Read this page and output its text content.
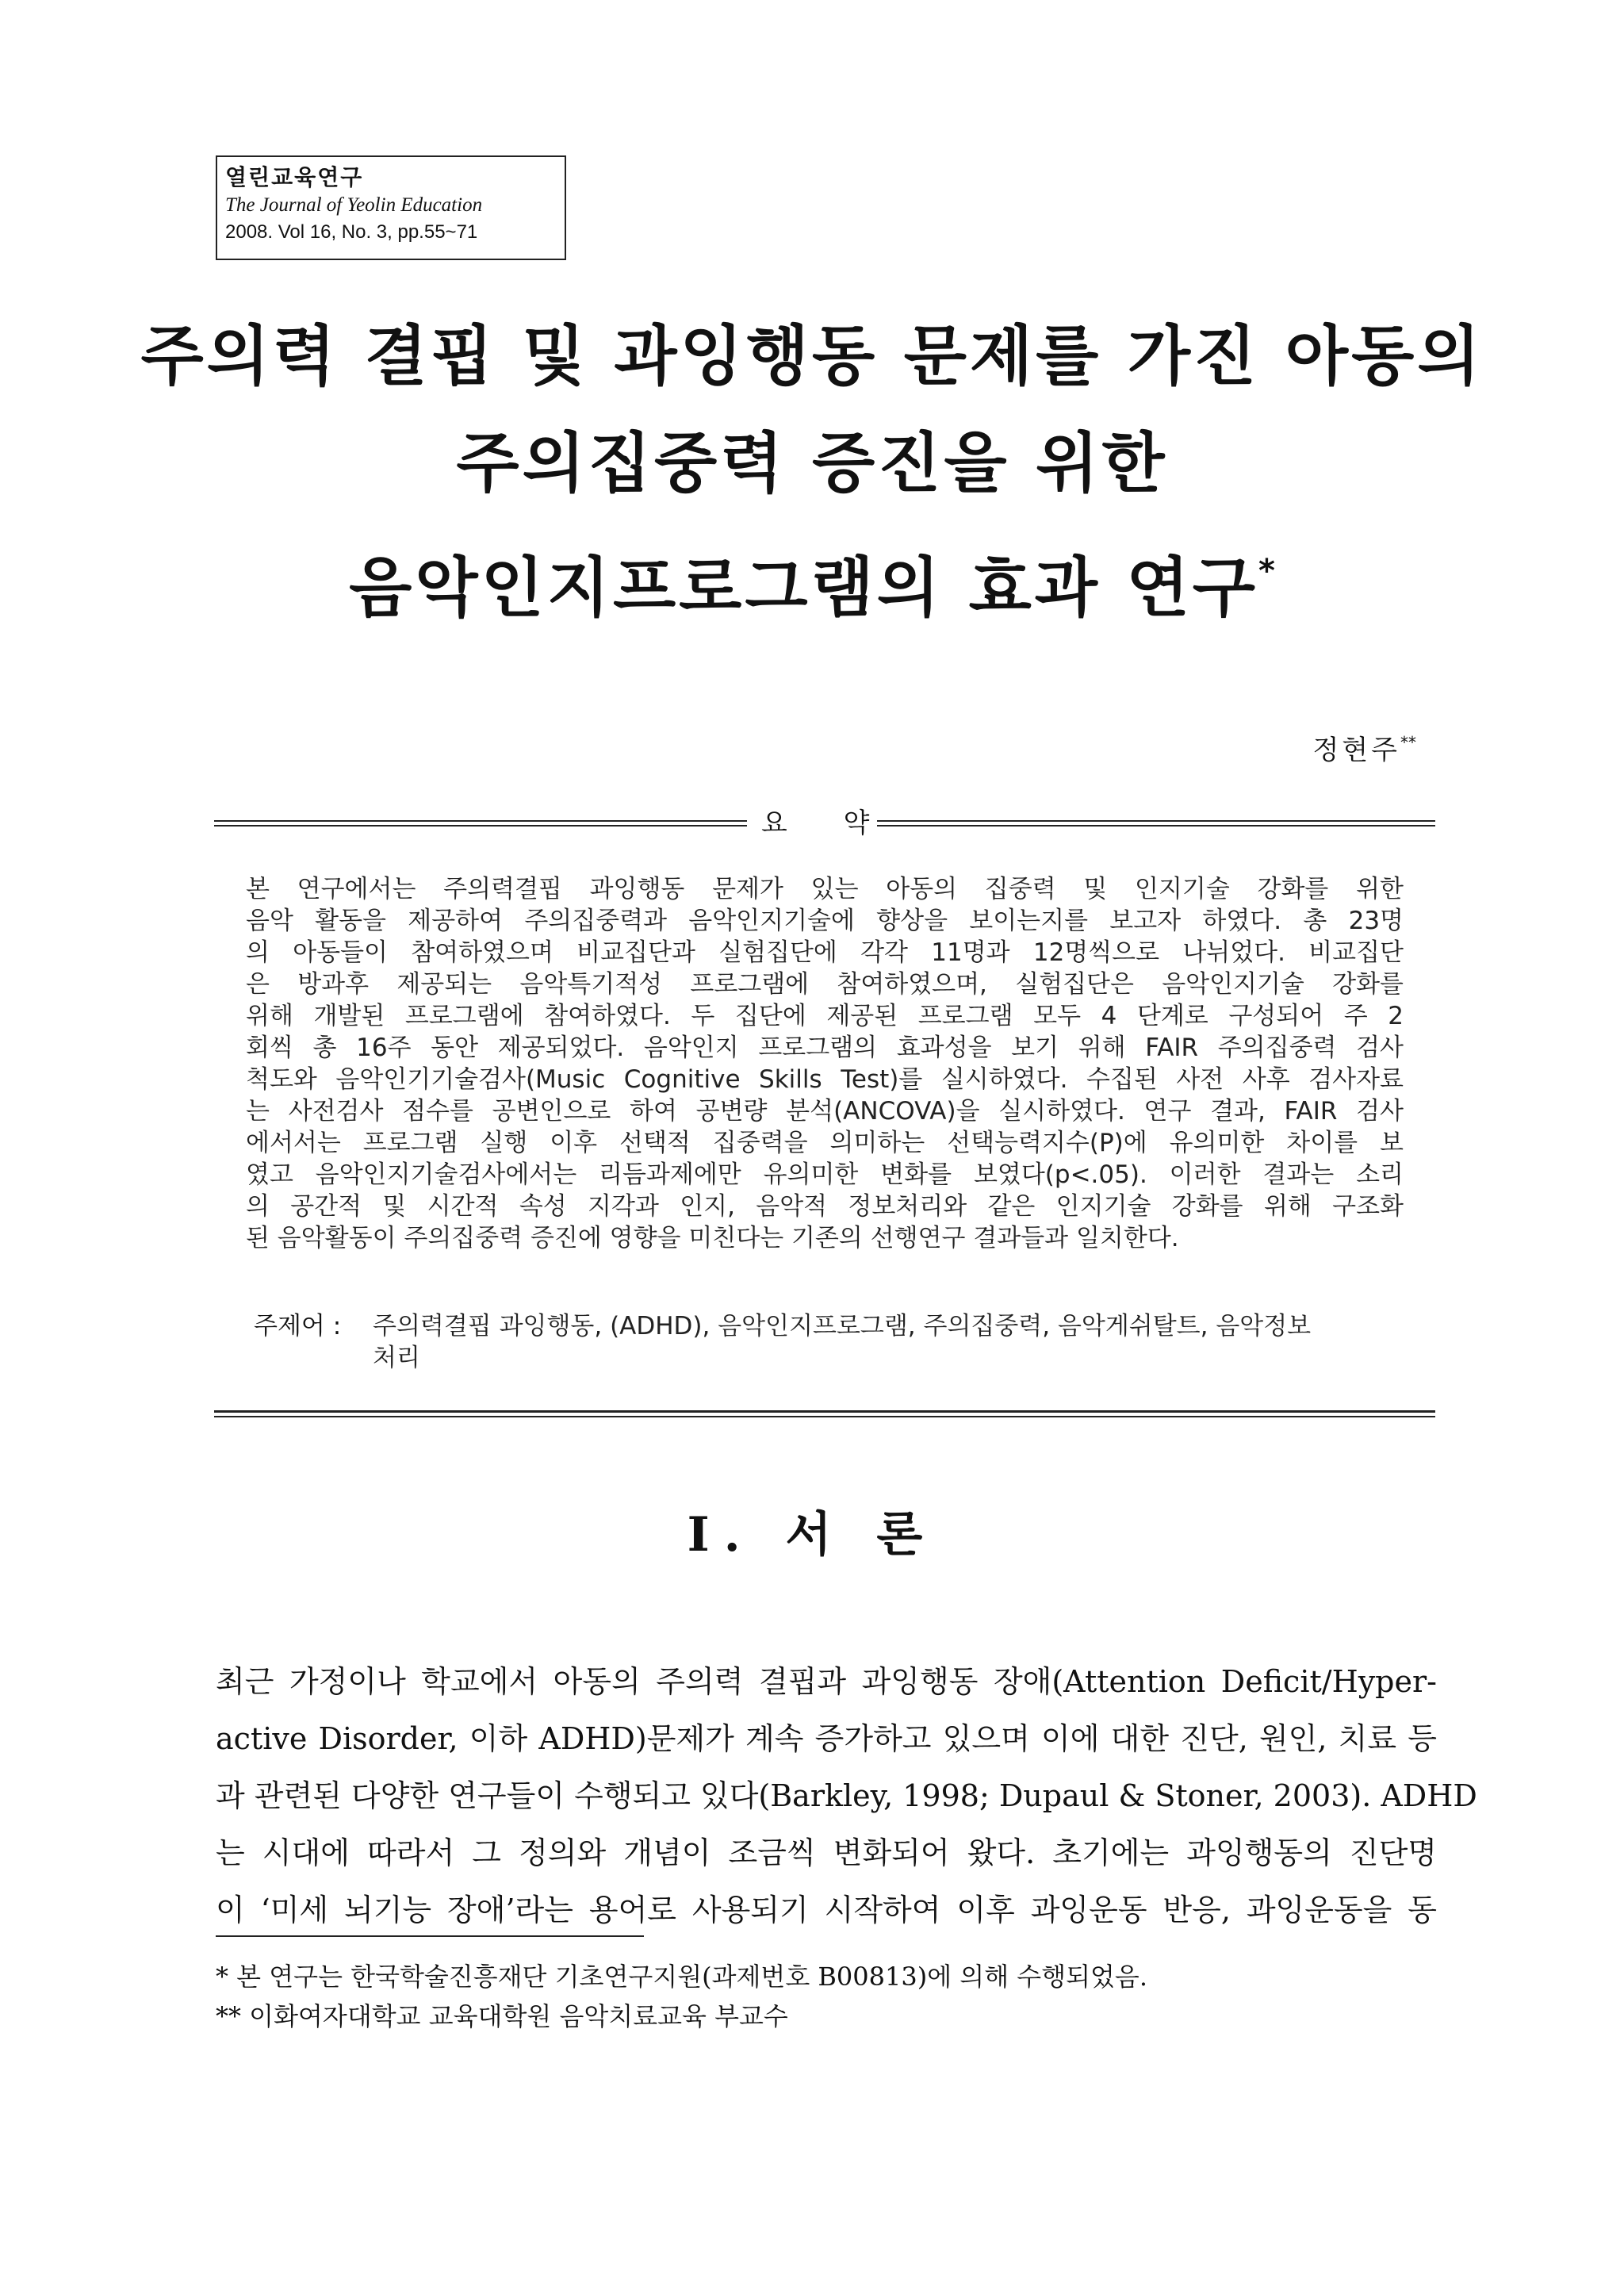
열린교육연구
The Journal of Yeolin Education
2008. Vol 16, No. 3, pp.55~71
주의력 결핍 및 과잉행동 문제를 가진 아동의
주의집중력 증진을 위한
음악인지프로그램의 효과 연구*
정현주**
요 약
본 연구에서는 주의력결핍 과잉행동 문제가 있는 아동의 집중력 및 인지기술 강화를 위한
음악 활동을 제공하여 주의집중력과 음악인지기술에 향상을 보이는지를 보고자 하였다. 총 23명
의 아동들이 참여하였으며 비교집단과 실험집단에 각각 11명과 12명씩으로 나뉘었다. 비교집단
은 방과후 제공되는 음악특기적성 프로그램에 참여하였으며, 실험집단은 음악인지기술 강화를
위해 개발된 프로그램에 참여하였다. 두 집단에 제공된 프로그램 모두 4 단계로 구성되어 주 2
회씩 총 16주 동안 제공되었다. 음악인지 프로그램의 효과성을 보기 위해 FAIR 주의집중력 검사
척도와 음악인기기술검사(Music Cognitive Skills Test)를 실시하였다. 수집된 사전 사후 검사자료
는 사전검사 점수를 공변인으로 하여 공변량 분석(ANCOVA)을 실시하였다. 연구 결과, FAIR 검사
에서서는 프로그램 실행 이후 선택적 집중력을 의미하는 선택능력지수(P)에 유의미한 차이를 보
였고 음악인지기술검사에서는 리듬과제에만 유의미한 변화를 보였다(p<.05). 이러한 결과는 소리
의 공간적 및 시간적 속성 지각과 인지, 음악적 정보처리와 같은 인지기술 강화를 위해 구조화
된 음악활동이 주의집중력 증진에 영향을 미친다는 기존의 선행연구 결과들과 일치한다.
주제어 : 주의력결핍 과잉행동, (ADHD), 음악인지프로그램, 주의집중력, 음악게쉬탈트, 음악정보
처리
Ⅰ. 서 론
최근 가정이나 학교에서 아동의 주의력 결핍과 과잉행동 장애(Attention Deficit/Hyper-
active Disorder, 이하 ADHD)문제가 계속 증가하고 있으며 이에 대한 진단, 원인, 치료 등
과 관련된 다양한 연구들이 수행되고 있다(Barkley, 1998; Dupaul & Stoner, 2003). ADHD
는 시대에 따라서 그 정의와 개념이 조금씩 변화되어 왔다. 초기에는 과잉행동의 진단명
이 ‘미세 뇌기능 장애’라는 용어로 사용되기 시작하여 이후 과잉운동 반응, 과잉운동을 동
* 본 연구는 한국학술진흥재단 기초연구지원(과제번호 B00813)에 의해 수행되었음.
** 이화여자대학교 교육대학원 음악치료교육 부교수
